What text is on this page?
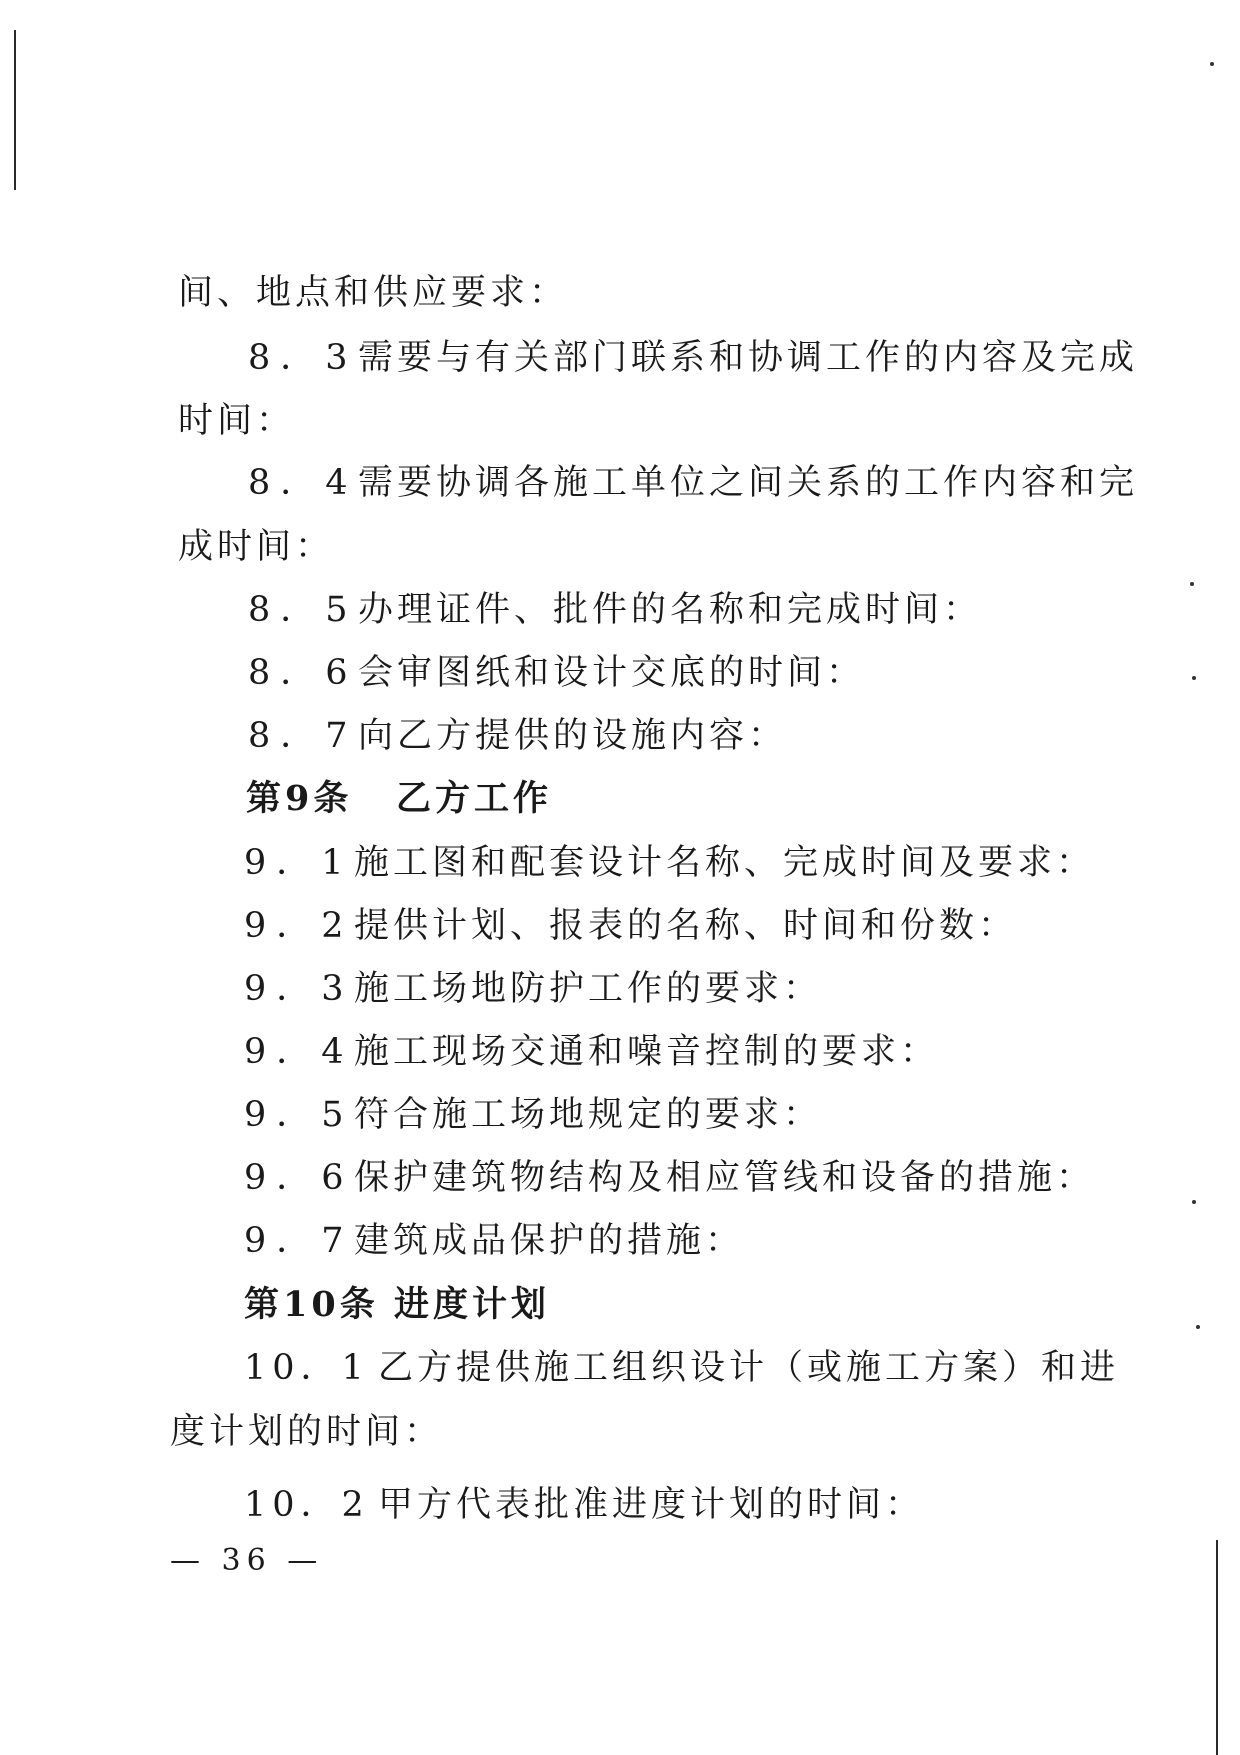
间、地点和供应要求：
8．3需要与有关部门联系和协调工作的内容及完成
时间：
8．4需要协调各施工单位之间关系的工作内容和完
成时间：
8．5办理证件、批件的名称和完成时间：
8．6会审图纸和设计交底的时间：
8．7向乙方提供的设施内容：
第9条 乙方工作
9．1施工图和配套设计名称、完成时间及要求：
9．2提供计划、报表的名称、时间和份数：
9．3施工场地防护工作的要求：
9．4施工现场交通和噪音控制的要求：
9．5符合施工场地规定的要求：
9．6保护建筑物结构及相应管线和设备的措施：
9．7建筑成品保护的措施：
第10条 进度计划
10．1 乙方提供施工组织设计（或施工方案）和进
度计划的时间：
10．2 甲方代表批准进度计划的时间：
— 36 —
